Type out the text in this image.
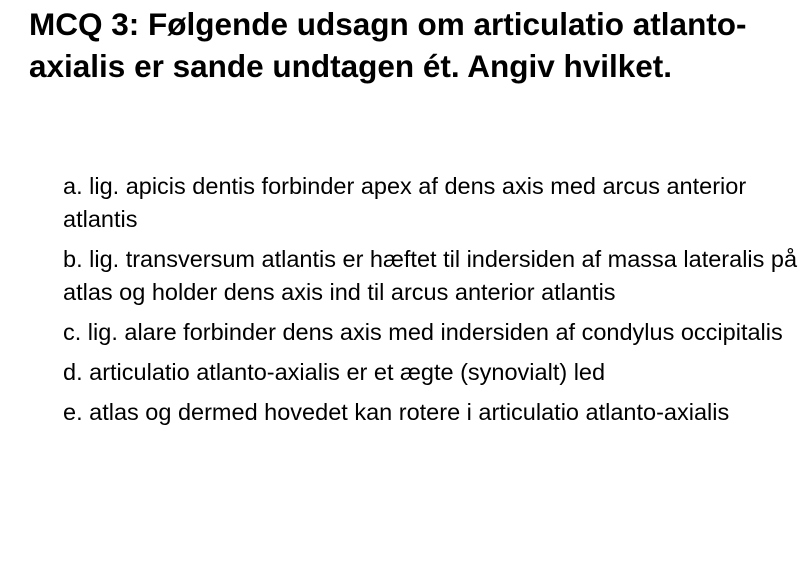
MCQ 3: Følgende udsagn om articulatio atlanto-axialis er sande undtagen ét. Angiv hvilket.
a. lig. apicis dentis forbinder apex af dens axis med arcus anterior atlantis
b. lig. transversum atlantis er hæftet til indersiden af massa lateralis på atlas og holder dens axis ind til arcus anterior atlantis
c. lig. alare forbinder dens axis med indersiden af condylus occipitalis
d. articulatio atlanto-axialis er et ægte (synovialt) led
e. atlas og dermed hovedet kan rotere i articulatio atlanto-axialis
